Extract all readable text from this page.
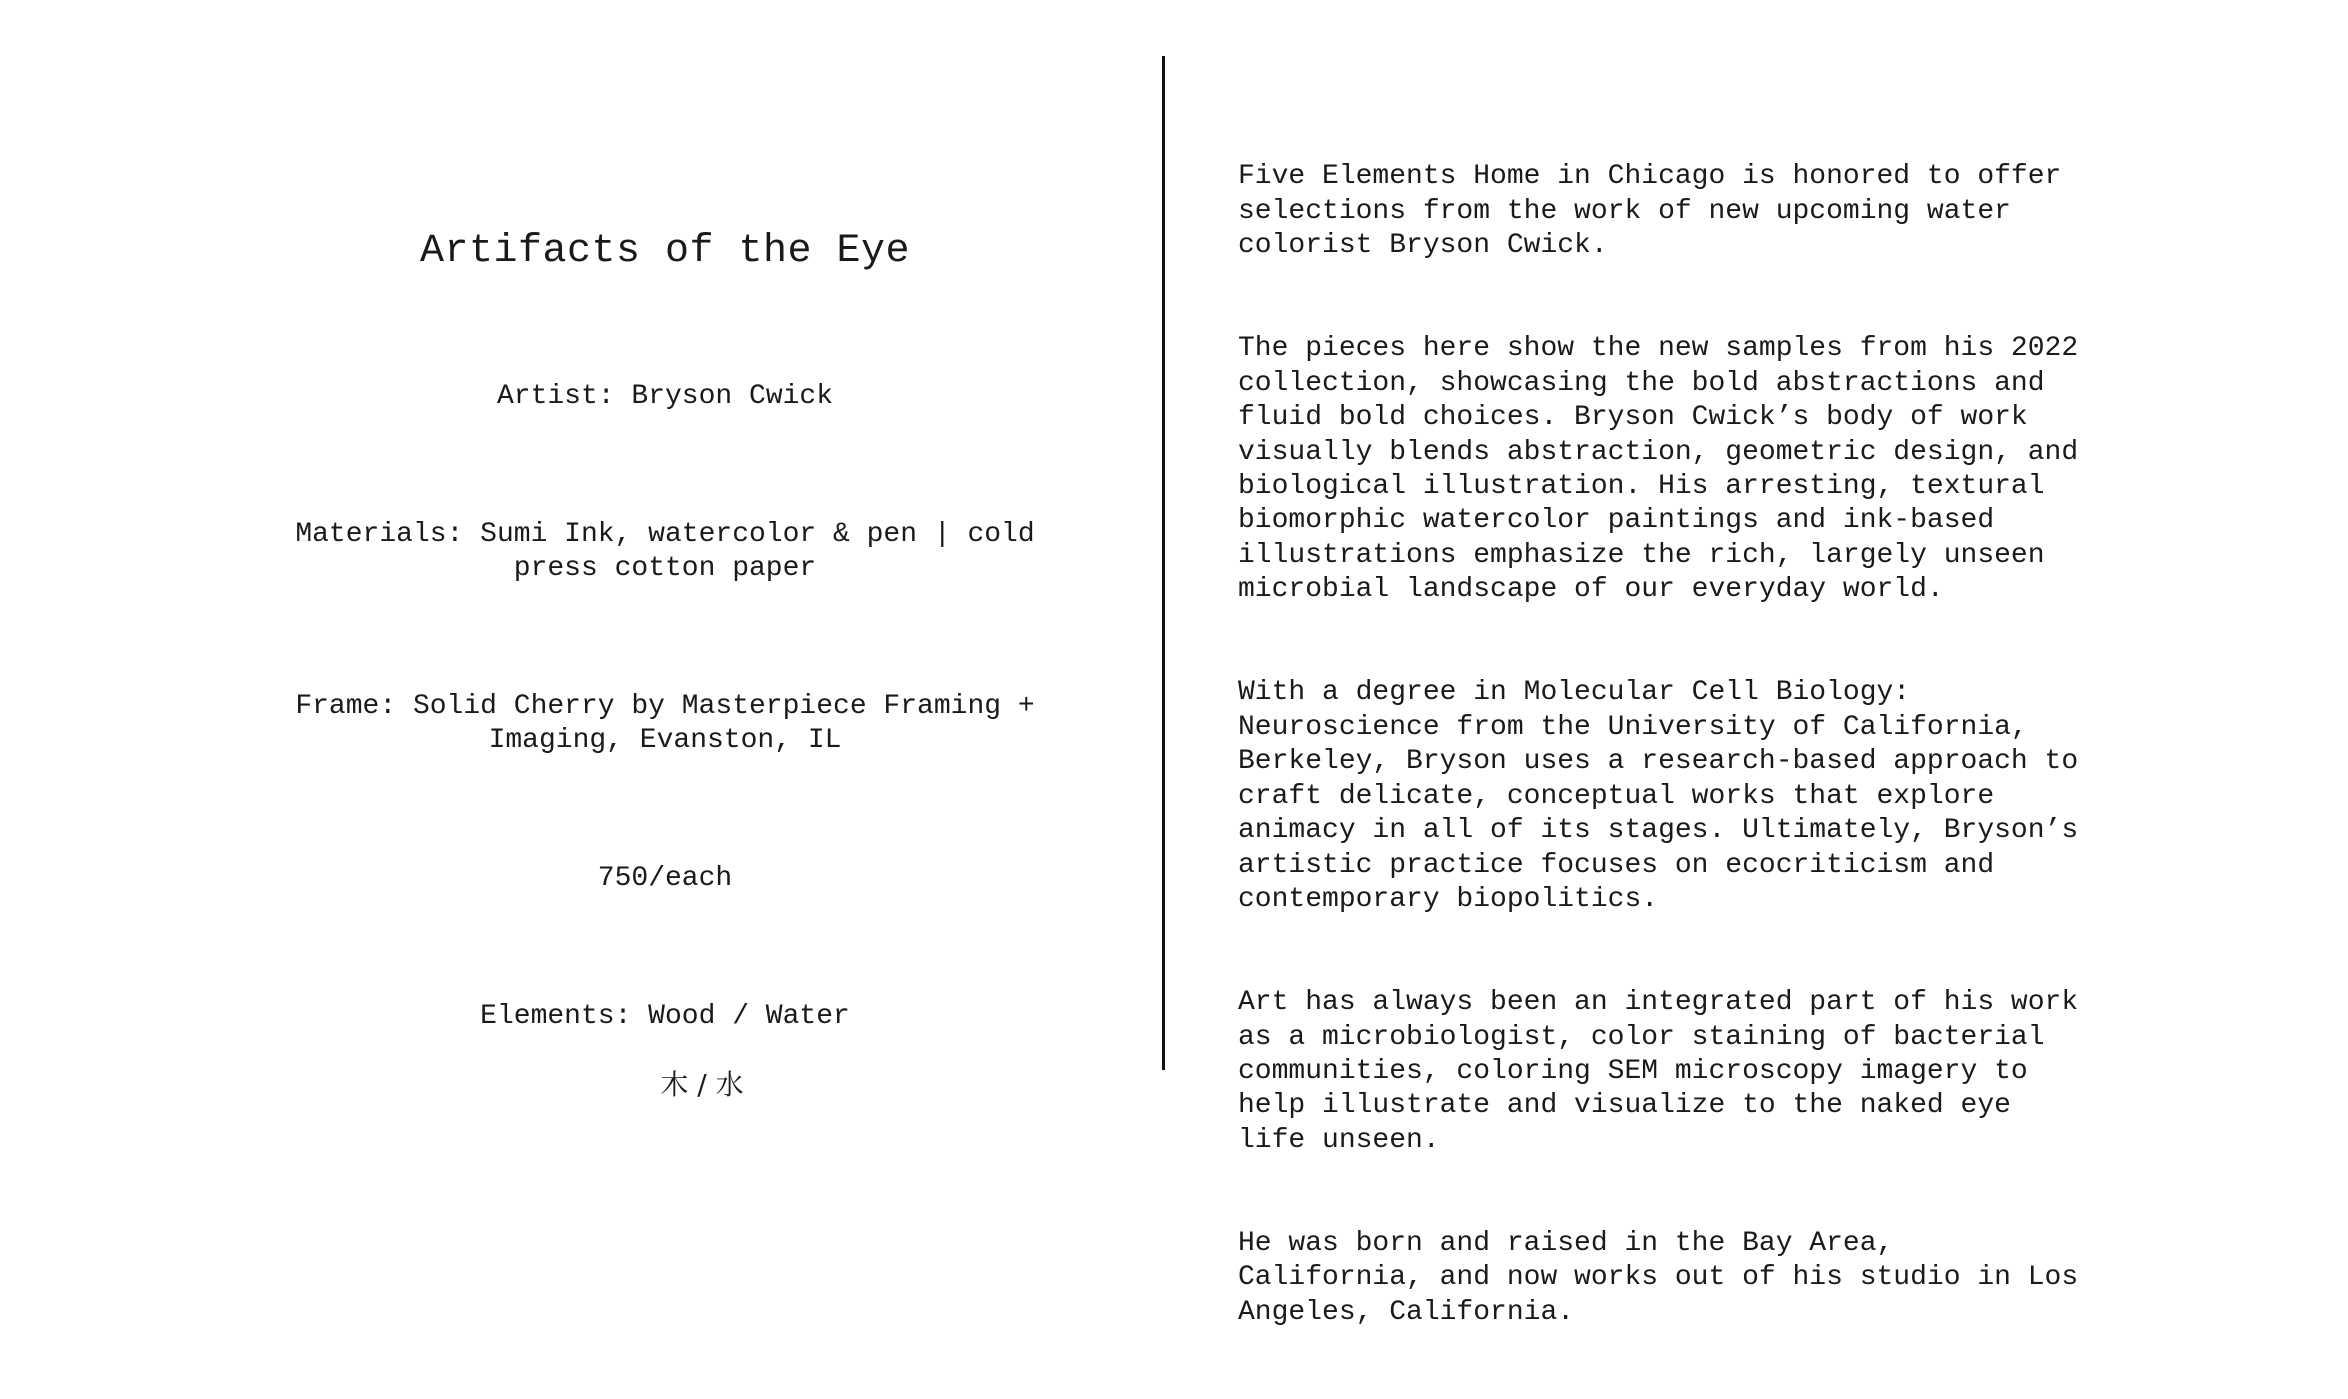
Artifacts of the Eye

Artist: Bryson Cwick

Materials: Sumi Ink, watercolor & pen | cold
press cotton paper

Frame: Solid Cherry by Masterpiece Framing +
Imaging, Evanston, IL

750/each

Elements: Wood / Water

木 / 水

Five Elements Home in Chicago is honored to offer
selections from the work of new upcoming water
colorist Bryson Cwick.

The pieces here show the new samples from his 2022
collection, showcasing the bold abstractions and
fluid bold choices. Bryson Cwick’s body of work
visually blends abstraction, geometric design, and
biological illustration. His arresting, textural
biomorphic watercolor paintings and ink-based
illustrations emphasize the rich, largely unseen
microbial landscape of our everyday world.

With a degree in Molecular Cell Biology:
Neuroscience from the University of California,
Berkeley, Bryson uses a research-based approach to
craft delicate, conceptual works that explore
animacy in all of its stages. Ultimately, Bryson’s
artistic practice focuses on ecocriticism and
contemporary biopolitics.

Art has always been an integrated part of his work
as a microbiologist, color staining of bacterial
communities, coloring SEM microscopy imagery to
help illustrate and visualize to the naked eye
life unseen.

He was born and raised in the Bay Area,
California, and now works out of his studio in Los
Angeles, California.
